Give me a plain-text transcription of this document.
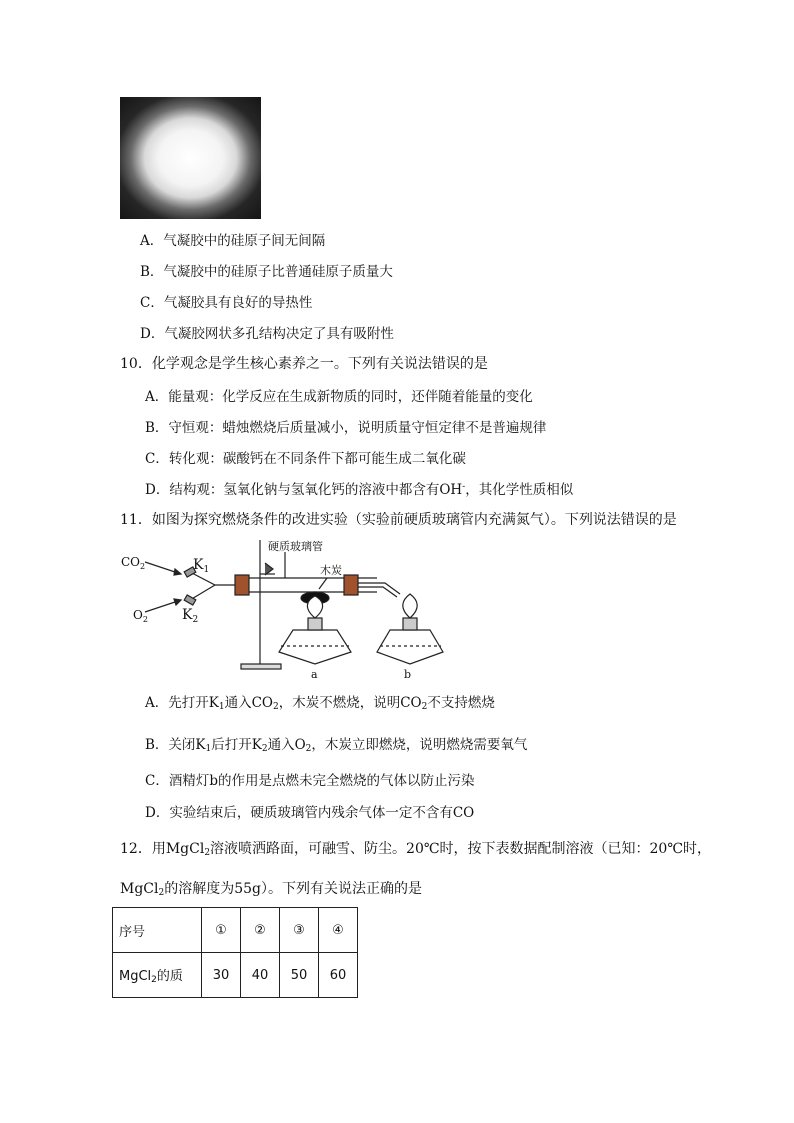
A．气凝胶中的硅原子间无间隔
B．气凝胶中的硅原子比普通硅原子质量大
C．气凝胶具有良好的导热性
D．气凝胶网状多孔结构决定了具有吸附性
10．化学观念是学生核心素养之一。下列有关说法错误的是
A．能量观：化学反应在生成新物质的同时，还伴随着能量的变化
B．守恒观：蜡烛燃烧后质量减小，说明质量守恒定律不是普遍规律
C．转化观：碳酸钙在不同条件下都可能生成二氧化碳
D．结构观：氢氧化钠与氢氧化钙的溶液中都含有OH-，其化学性质相似
11．如图为探究燃烧条件的改进实验（实验前硬质玻璃管内充满氮气）。下列说法错误的是
$CO_2$
$O_2$
$K_1$
$K_2$
硬质玻璃管
木炭
a	b
A．先打开$K_1$通入$CO_2$，木炭不燃烧，说明$CO_2$不支持燃烧
B．关闭$K_1$后打开$K_2$通入$O_2$，木炭立即燃烧，说明燃烧需要氧气
C．酒精灯b的作用是点燃未完全燃烧的气体以防止污染
D．实验结束后，硬质玻璃管内残余气体一定不含有CO
12．用MgCl$_2$溶液喷洒路面，可融雪、防尘。20℃时，按下表数据配制溶液（已知：20℃时，
MgCl$_2$的溶解度为55g）。下列有关说法正确的是
序号	①	②	③	④
MgCl$_2$的质	30	40	50	60
